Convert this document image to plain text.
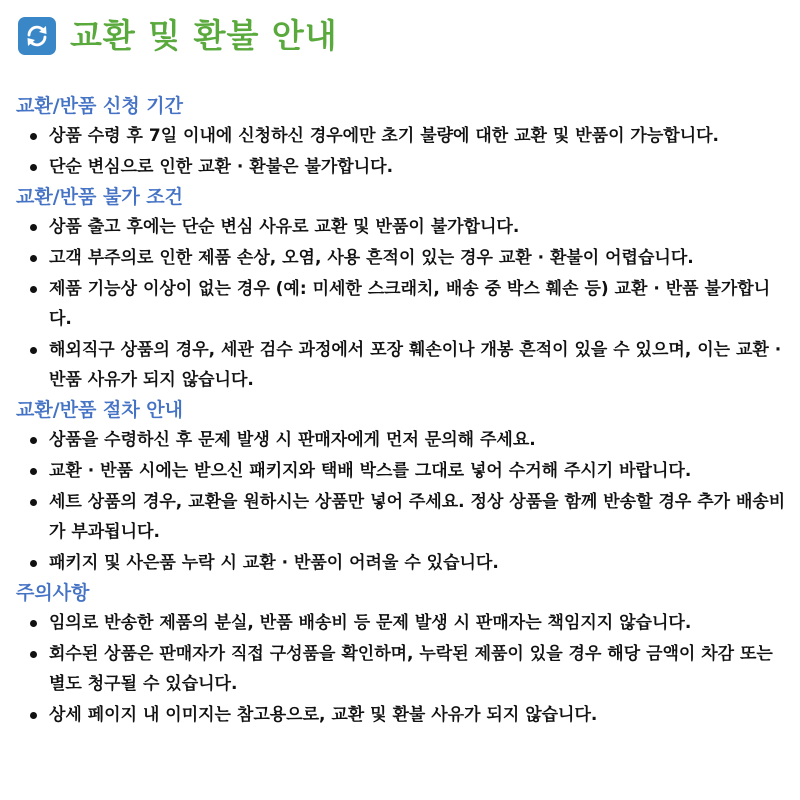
교환 및 환불 안내
교환/반품 신청 기간
상품 수령 후 7일 이내에 신청하신 경우에만 초기 불량에 대한 교환 및 반품이 가능합니다.
단순 변심으로 인한 교환 · 환불은 불가합니다.
교환/반품 불가 조건
상품 출고 후에는 단순 변심 사유로 교환 및 반품이 불가합니다.
고객 부주의로 인한 제품 손상, 오염, 사용 흔적이 있는 경우 교환 · 환불이 어렵습니다.
제품 기능상 이상이 없는 경우 (예: 미세한 스크래치, 배송 중 박스 훼손 등) 교환 · 반품 불가합니다.
해외직구 상품의 경우, 세관 검수 과정에서 포장 훼손이나 개봉 흔적이 있을 수 있으며, 이는 교환 · 반품 사유가 되지 않습니다.
교환/반품 절차 안내
상품을 수령하신 후 문제 발생 시 판매자에게 먼저 문의해 주세요.
교환 · 반품 시에는 받으신 패키지와 택배 박스를 그대로 넣어 수거해 주시기 바랍니다.
세트 상품의 경우, 교환을 원하시는 상품만 넣어 주세요. 정상 상품을 함께 반송할 경우 추가 배송비가 부과됩니다.
패키지 및 사은품 누락 시 교환 · 반품이 어려울 수 있습니다.
주의사항
임의로 반송한 제품의 분실, 반품 배송비 등 문제 발생 시 판매자는 책임지지 않습니다.
회수된 상품은 판매자가 직접 구성품을 확인하며, 누락된 제품이 있을 경우 해당 금액이 차감 또는 별도 청구될 수 있습니다.
상세 페이지 내 이미지는 참고용으로, 교환 및 환불 사유가 되지 않습니다.
